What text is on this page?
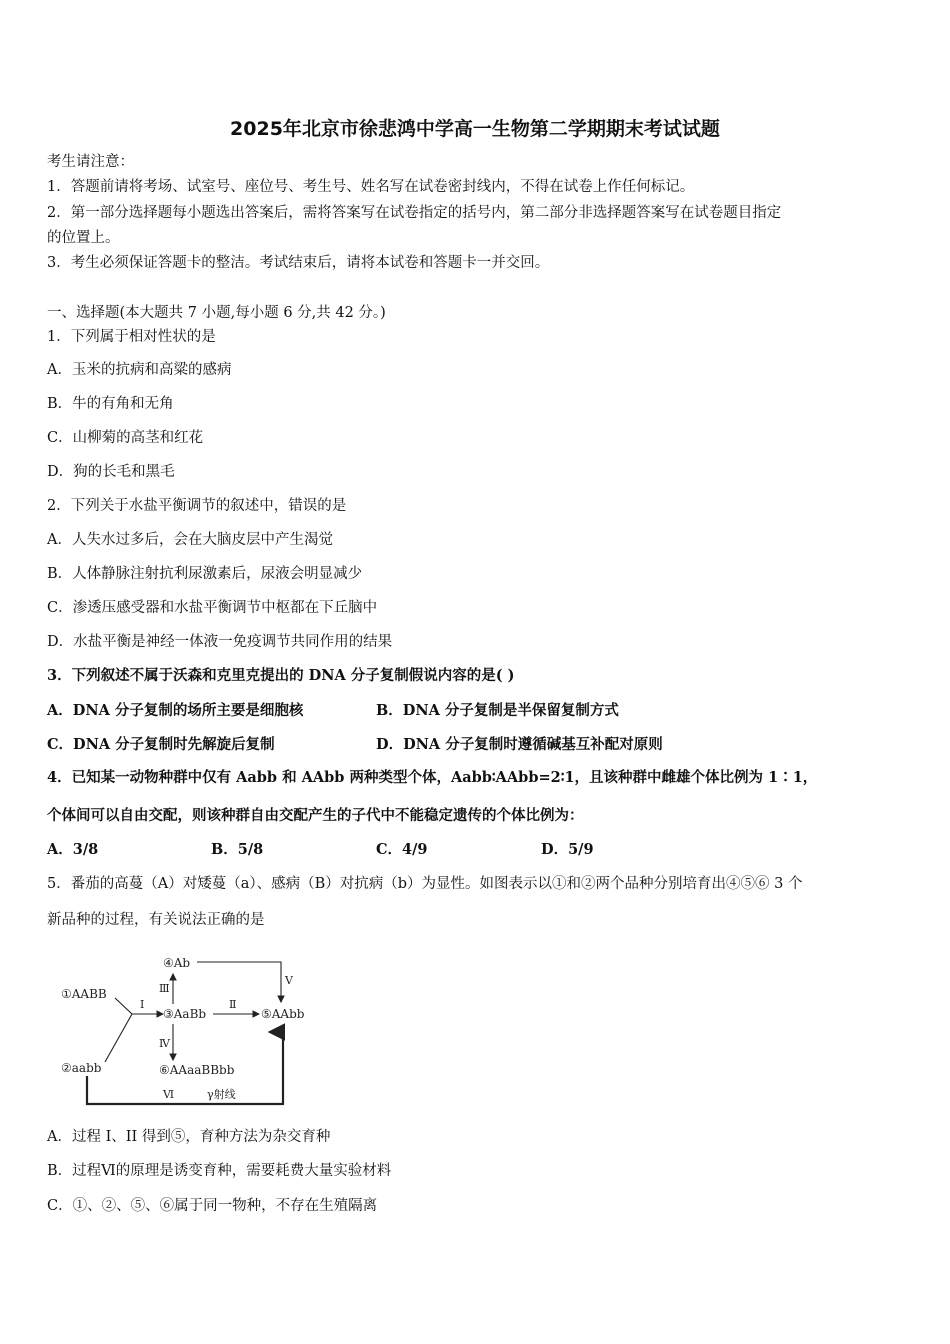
2025年北京市徐悲鸿中学高一生物第二学期期末考试试题
考生请注意：
1．答题前请将考场、试室号、座位号、考生号、姓名写在试卷密封线内，不得在试卷上作任何标记。
2．第一部分选择题每小题选出答案后，需将答案写在试卷指定的括号内，第二部分非选择题答案写在试卷题目指定
的位置上。
3．考生必须保证答题卡的整洁。考试结束后，请将本试卷和答题卡一并交回。
一、选择题(本大题共 7 小题,每小题 6 分,共 42 分。)
1．下列属于相对性状的是
A．玉米的抗病和高粱的感病
B．牛的有角和无角
C．山柳菊的高茎和红花
D．狗的长毛和黑毛
2．下列关于水盐平衡调节的叙述中，错误的是
A．人失水过多后，会在大脑皮层中产生渴觉
B．人体静脉注射抗利尿激素后，尿液会明显减少
C．渗透压感受器和水盐平衡调节中枢都在下丘脑中
D．水盐平衡是神经一体液一免疫调节共同作用的结果
3．下列叙述不属于沃森和克里克提出的 DNA 分子复制假说内容的是( )
A．DNA 分子复制的场所主要是细胞核	B．DNA 分子复制是半保留复制方式
C．DNA 分子复制时先解旋后复制	D．DNA 分子复制时遵循碱基互补配对原则
4．已知某一动物种群中仅有 Aabb 和 AAbb 两种类型个体，Aabb∶AAbb=2∶1，且该种群中雌雄个体比例为 1∶1，
个体间可以自由交配，则该种群自由交配产生的子代中不能稳定遗传的个体比例为：
A．3/8	B．5/8	C．4/9	D．5/9
5．番茄的高蔓（A）对矮蔓（a）、感病（B）对抗病（b）为显性。如图表示以①和②两个品种分别培育出④⑤⑥ 3 个
新品种的过程，有关说法正确的是
①AABB
②aabb
③AaBb
④Ab
⑤AAbb
⑥AAaaBBbb
I	Ⅱ
Ⅲ
Ⅳ
Ⅴ
Ⅵ	γ射线
A．过程 I、II 得到⑤，育种方法为杂交育种
B．过程Ⅵ的原理是诱变育种，需要耗费大量实验材料
C．①、②、⑤、⑥属于同一物种，不存在生殖隔离
